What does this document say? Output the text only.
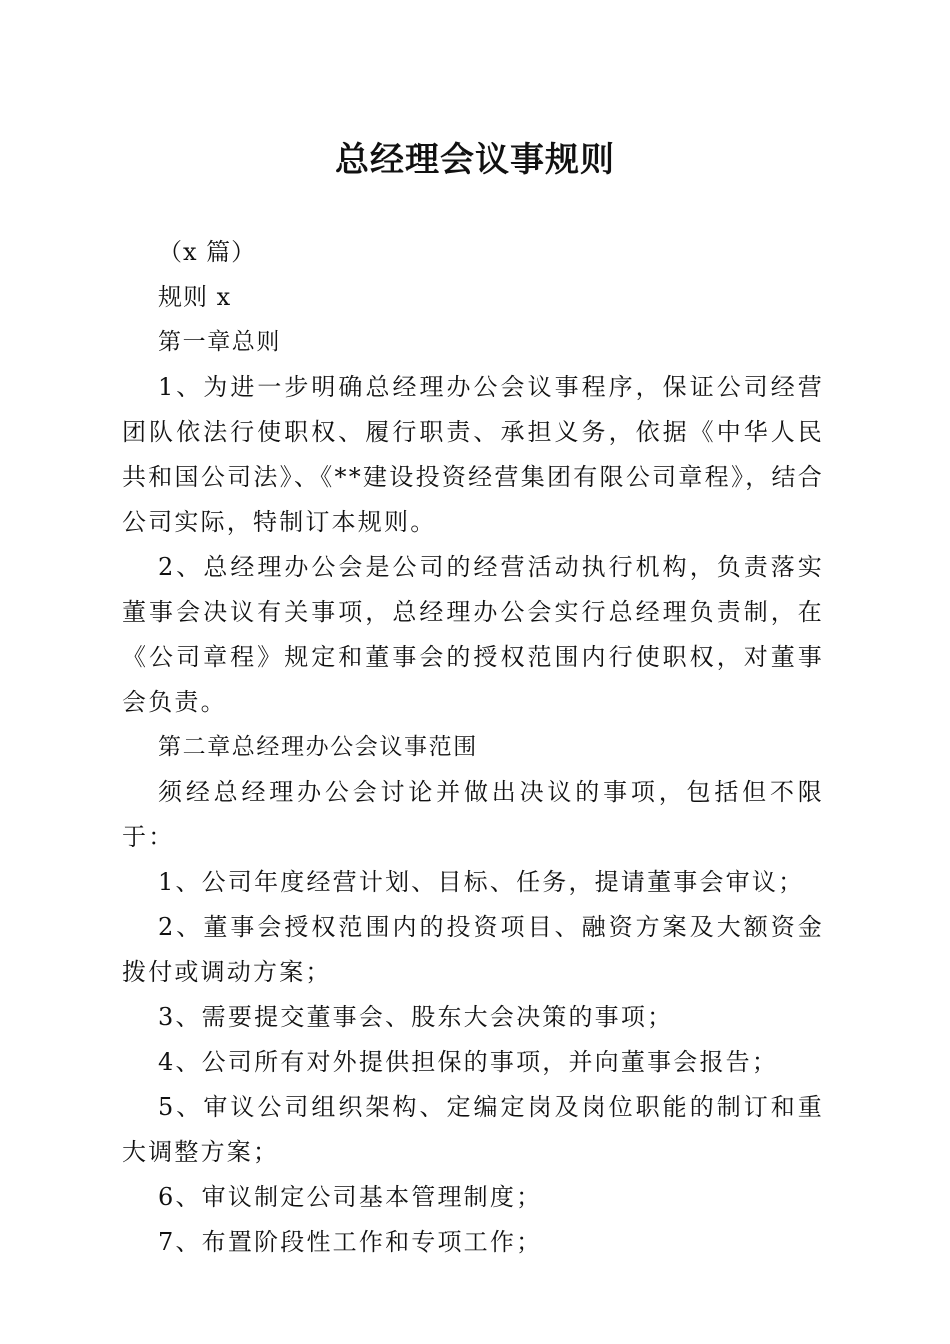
总经理会议事规则

（x 篇）

规则 x

第一章总则

1、为进一步明确总经理办公会议事程序，保证公司经营团队依法行使职权、履行职责、承担义务，依据《中华人民共和国公司法》、《**建设投资经营集团有限公司章程》，结合公司实际，特制订本规则。

2、总经理办公会是公司的经营活动执行机构，负责落实董事会决议有关事项，总经理办公会实行总经理负责制，在《公司章程》规定和董事会的授权范围内行使职权，对董事会负责。

第二章总经理办公会议事范围

须经总经理办公会讨论并做出决议的事项，包括但不限于：

1、公司年度经营计划、目标、任务，提请董事会审议；

2、董事会授权范围内的投资项目、融资方案及大额资金拨付或调动方案；

3、需要提交董事会、股东大会决策的事项；

4、公司所有对外提供担保的事项，并向董事会报告；

5、审议公司组织架构、定编定岗及岗位职能的制订和重大调整方案；

6、审议制定公司基本管理制度；

7、布置阶段性工作和专项工作；
